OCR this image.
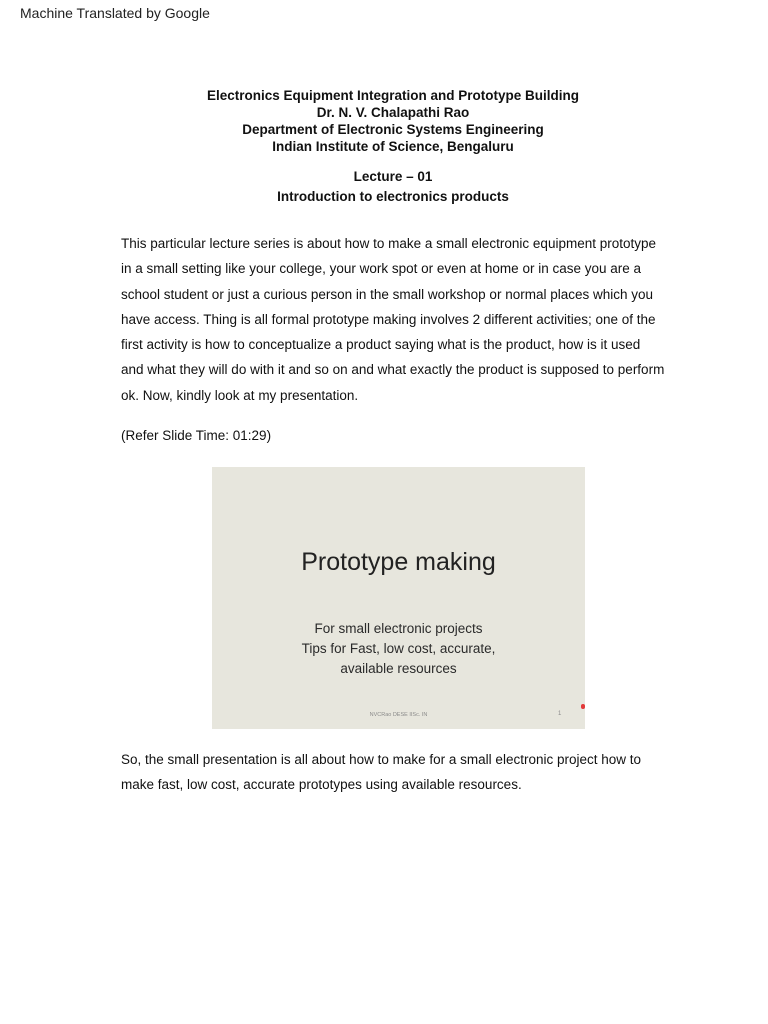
Machine Translated by Google
Electronics Equipment Integration and Prototype Building
Dr. N. V. Chalapathi Rao
Department of Electronic Systems Engineering
Indian Institute of Science, Bengaluru
Lecture – 01
Introduction to electronics products

This particular lecture series is about how to make a small electronic equipment prototype in a small setting like your college, your work spot or even at home or in case you are a school student or just a curious person in the small workshop or normal places which you have access. Thing is all formal prototype making involves 2 different activities; one of the first activity is how to conceptualize a product saying what is the product, how is it used and what they will do with it and so on and what exactly the product is supposed to perform ok. Now, kindly look at my presentation.

(Refer Slide Time: 01:29)

Prototype making
For small electronic projects
Tips for Fast, low cost, accurate,
available resources
NVCRao DESE IISc. IN	1

So, the small presentation is all about how to make for a small electronic project how to make fast, low cost, accurate prototypes using available resources.
